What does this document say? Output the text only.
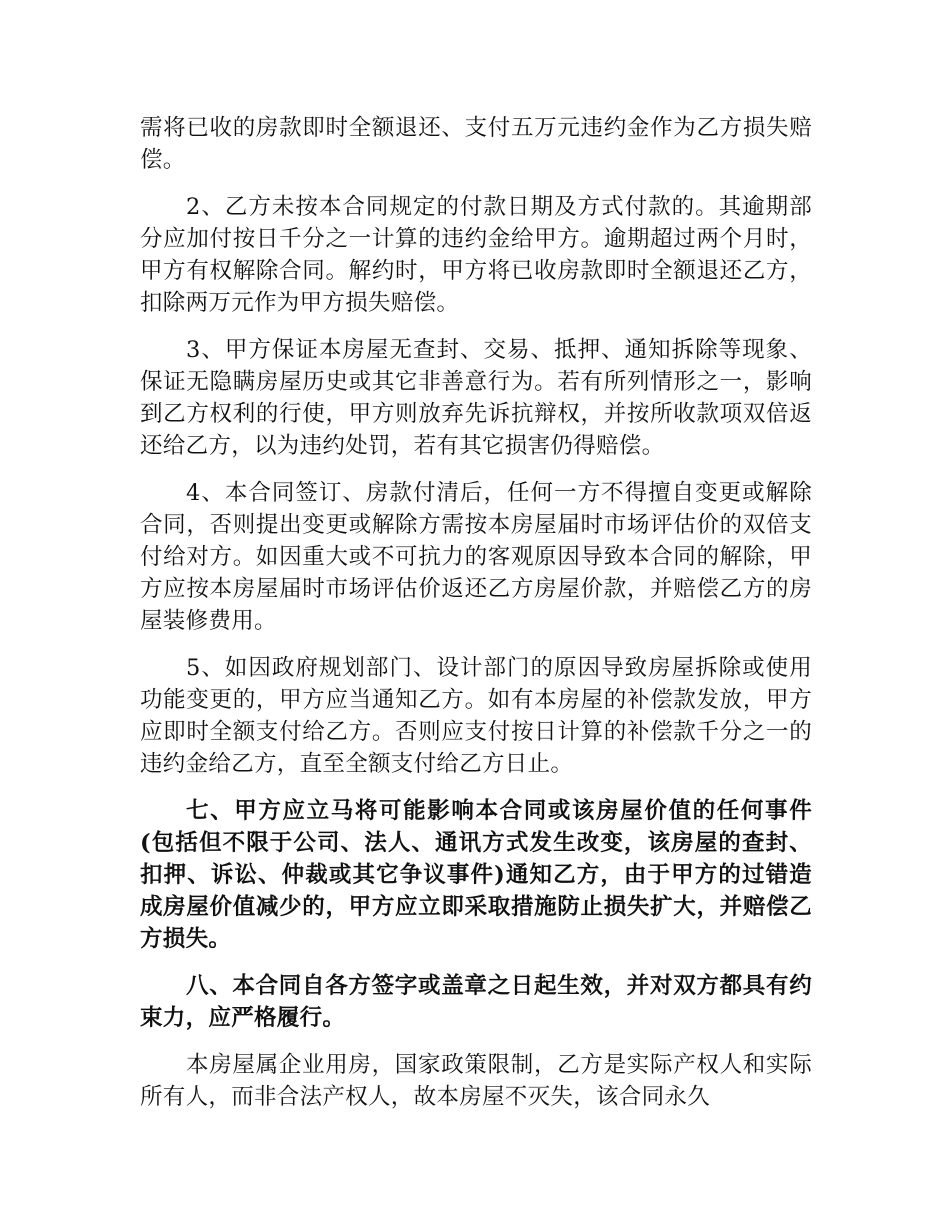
需将已收的房款即时全额退还、支付五万元违约金作为乙方损失赔偿。

2、乙方未按本合同规定的付款日期及方式付款的。其逾期部分应加付按日千分之一计算的违约金给甲方。逾期超过两个月时，甲方有权解除合同。解约时，甲方将已收房款即时全额退还乙方，扣除两万元作为甲方损失赔偿。

3、甲方保证本房屋无查封、交易、抵押、通知拆除等现象、保证无隐瞒房屋历史或其它非善意行为。若有所列情形之一，影响到乙方权利的行使，甲方则放弃先诉抗辩权，并按所收款项双倍返还给乙方，以为违约处罚，若有其它损害仍得赔偿。

4、本合同签订、房款付清后，任何一方不得擅自变更或解除合同，否则提出变更或解除方需按本房屋届时市场评估价的双倍支付给对方。如因重大或不可抗力的客观原因导致本合同的解除，甲方应按本房屋届时市场评估价返还乙方房屋价款，并赔偿乙方的房屋装修费用。

5、如因政府规划部门、设计部门的原因导致房屋拆除或使用功能变更的，甲方应当通知乙方。如有本房屋的补偿款发放，甲方应即时全额支付给乙方。否则应支付按日计算的补偿款千分之一的违约金给乙方，直至全额支付给乙方日止。

七、甲方应立马将可能影响本合同或该房屋价值的任何事件(包括但不限于公司、法人、通讯方式发生改变，该房屋的查封、扣押、诉讼、仲裁或其它争议事件)通知乙方，由于甲方的过错造成房屋价值减少的，甲方应立即采取措施防止损失扩大，并赔偿乙方损失。

八、本合同自各方签字或盖章之日起生效，并对双方都具有约束力，应严格履行。

本房屋属企业用房，国家政策限制，乙方是实际产权人和实际所有人，而非合法产权人，故本房屋不灭失，该合同永久
